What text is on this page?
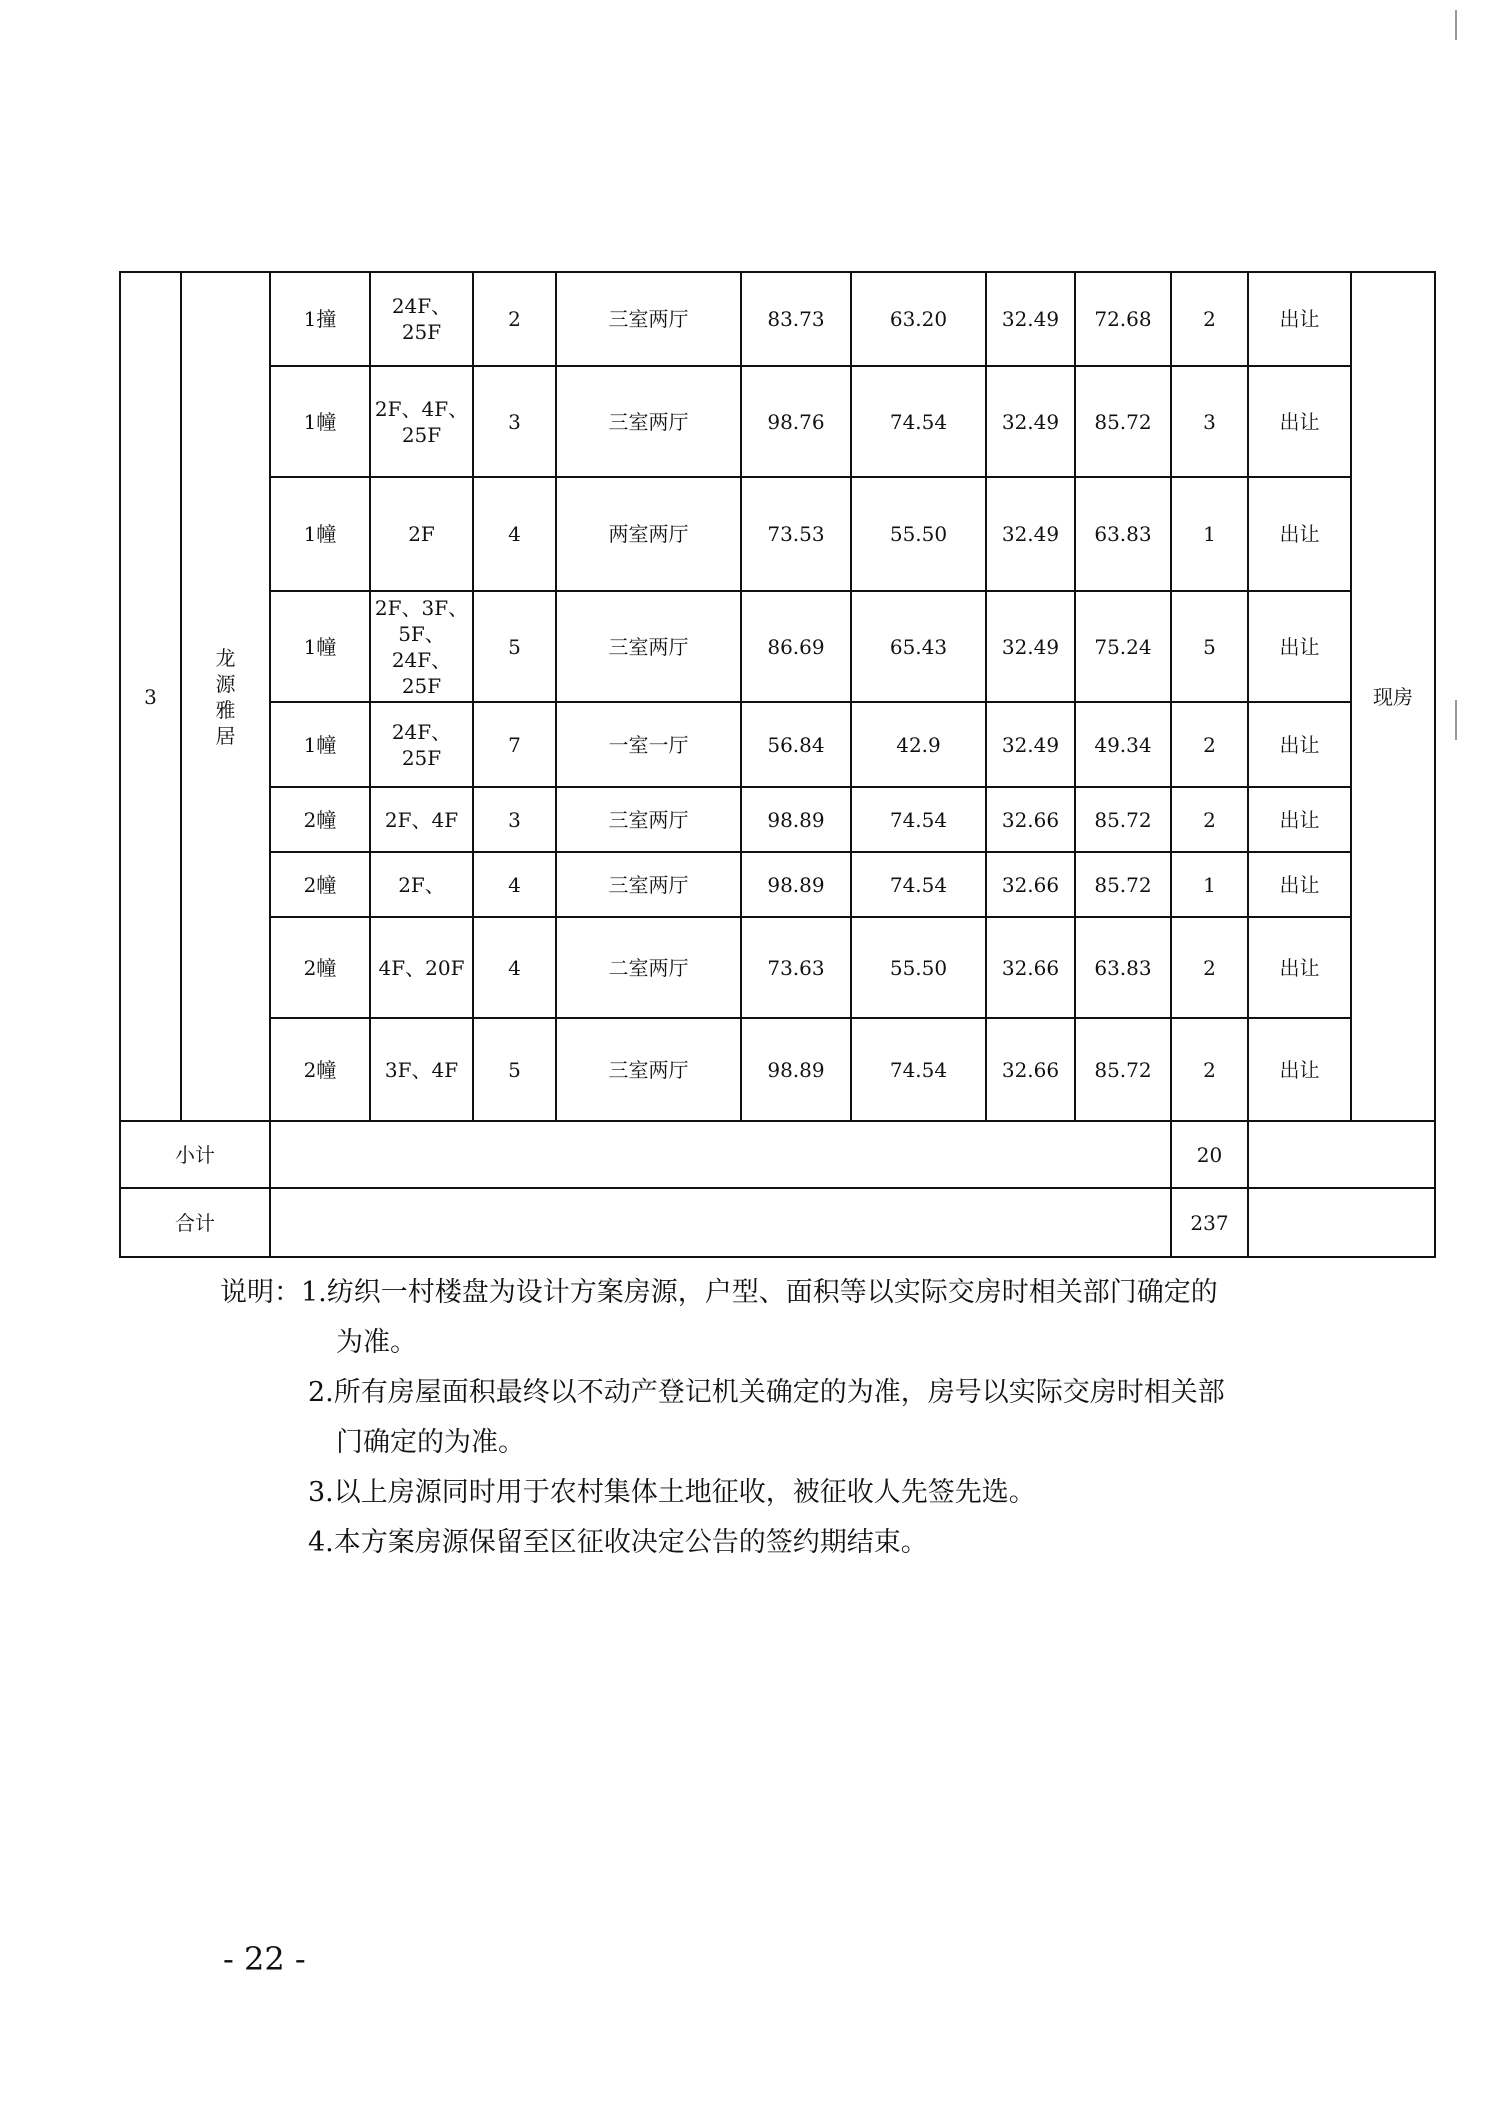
3	龙源雅居	1撞	24F、25F	2	三室两厅	83.73	63.20	32.49	72.68	2	出让	现房
		1幢	2F、4F、25F	3	三室两厅	98.76	74.54	32.49	85.72	3	出让	
		1幢	2F	4	两室两厅	73.53	55.50	32.49	63.83	1	出让	
		1幢	2F、3F、5F、24F、25F	5	三室两厅	86.69	65.43	32.49	75.24	5	出让	
		1幢	24F、25F	7	一室一厅	56.84	42.9	32.49	49.34	2	出让	
		2幢	2F、4F	3	三室两厅	98.89	74.54	32.66	85.72	2	出让	
		2幢	2F、	4	三室两厅	98.89	74.54	32.66	85.72	1	出让	
		2幢	4F、20F	4	二室两厅	73.63	55.50	32.66	63.83	2	出让	
		2幢	3F、4F	5	三室两厅	98.89	74.54	32.66	85.72	2	出让	
小计										20		
合计										237		
说明：1.纺织一村楼盘为设计方案房源，户型、面积等以实际交房时相关部门确定的
为准。
2.所有房屋面积最终以不动产登记机关确定的为准，房号以实际交房时相关部
门确定的为准。
3.以上房源同时用于农村集体土地征收，被征收人先签先选。
4.本方案房源保留至区征收决定公告的签约期结束。
- 22 -
